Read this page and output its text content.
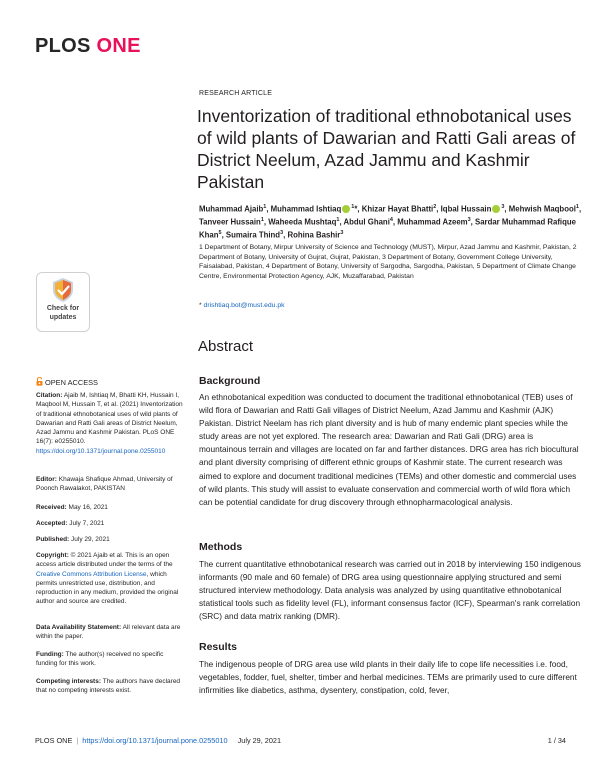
PLOS ONE
RESEARCH ARTICLE
Inventorization of traditional ethnobotanical uses of wild plants of Dawarian and Ratti Gali areas of District Neelum, Azad Jammu and Kashmir Pakistan
Muhammad Ajaib$^1$, Muhammad Ishtiaq $^1$*, Khizar Hayat Bhatti$^2$, Iqbal Hussain $^3$, Mehwish Maqbool$^1$, Tanveer Hussain$^1$, Waheeda Mushtaq$^1$, Abdul Ghani$^4$, Muhammad Azeem$^3$, Sardar Muhammad Rafique Khan$^5$, Sumaira Thind$^3$, Rohina Bashir$^3$
1 Department of Botany, Mirpur University of Science and Technology (MUST), Mirpur, Azad Jammu and Kashmir, Pakistan, 2 Department of Botany, University of Gujrat, Gujrat, Pakistan, 3 Department of Botany, Government College University, Faisalabad, Pakistan, 4 Department of Botany, University of Sargodha, Sargodha, Pakistan, 5 Department of Climate Change Centre, Environmental Protection Agency, AJK, Muzaffarabad, Pakistan
* drishtiaq.bot@must.edu.pk
Check for
updates
OPEN ACCESS

Citation: Ajaib M, Ishtiaq M, Bhatti KH, Hussain I, Maqbool M, Hussain T, et al. (2021) Inventorization of traditional ethnobotanical uses of wild plants of Dawarian and Ratti Gali areas of District Neelum, Azad Jammu and Kashmir Pakistan. PLoS ONE 16(7): e0255010. https://doi.org/10.1371/journal.pone.0255010

Editor: Khawaja Shafique Ahmad, University of Poonch Rawalakot, PAKISTAN

Received: May 16, 2021

Accepted: July 7, 2021

Published: July 29, 2021

Copyright: © 2021 Ajaib et al. This is an open access article distributed under the terms of the Creative Commons Attribution License, which permits unrestricted use, distribution, and reproduction in any medium, provided the original author and source are credited.

Data Availability Statement: All relevant data are within the paper.

Funding: The author(s) received no specific funding for this work.

Competing interests: The authors have declared that no competing interests exist.

Abstract
Background

An ethnobotanical expedition was conducted to document the traditional ethnobotanical (TEB) uses of wild flora of Dawarian and Ratti Gali villages of District Neelum, Azad Jammu and Kashmir (AJK) Pakistan. District Neelam has rich plant diversity and is hub of many endemic plant species while the study areas are not yet explored. The research area: Dawarian and Rati Gali (DRG) area is mountainous terrain and villages are located on far and farther distances. DRG area has rich biocultural and plant diversity comprising of different ethnic groups of Kashmir state. The current research was aimed to explore and document traditional medicines (TEMs) and other domestic and commercial uses of wild plants. This study will assist to evaluate conservation and commercial worth of wild flora which can be potential candidate for drug discovery through ethnopharmacological analysis.

Methods

The current quantitative ethnobotanical research was carried out in 2018 by interviewing 150 indigenous informants (90 male and 60 female) of DRG area using questionnaire applying structured and semi structured interview methodology. Data analysis was analyzed by using quantitative ethnobotanical statistical tools such as fidelity level (FL), informant consensus factor (ICF), Spearman's rank correlation (SRC) and data matrix ranking (DMR).

Results

The indigenous people of DRG area use wild plants in their daily life to cope life necessities i.e. food, vegetables, fodder, fuel, shelter, timber and herbal medicines. TEMs are primarily used to cure different infirmities like diabetics, asthma, dysentery, constipation, cold, fever,

PLOS ONE | https://doi.org/10.1371/journal.pone.0255010 July 29, 2021	1 / 34
